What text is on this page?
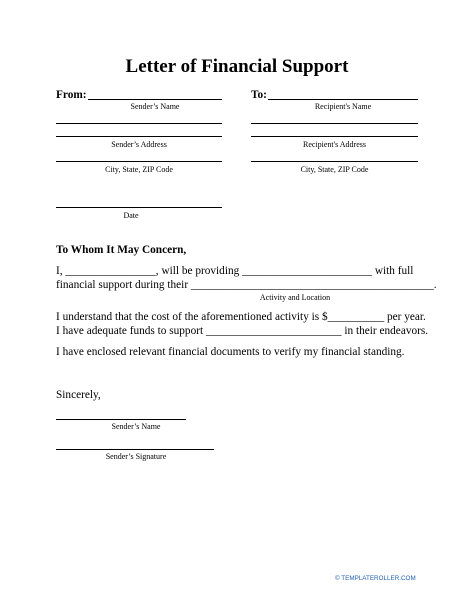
Letter of Financial Support
From:
Sender’s Name
To:
Recipient's Name
Sender’s Address	Recipient's Address
City, State, ZIP Code	City, State, ZIP Code
Date
To Whom It May Concern,
I, ________________, will be providing _______________________ with full
financial support during their ___________________________________________.
Activity and Location
I understand that the cost of the aforementioned activity is $__________ per year.
I have adequate funds to support ________________________ in their endeavors.
I have enclosed relevant financial documents to verify my financial standing.
Sincerely,
Sender’s Name
Sender’s Signature
© TEMPLATEROLLER.COM
